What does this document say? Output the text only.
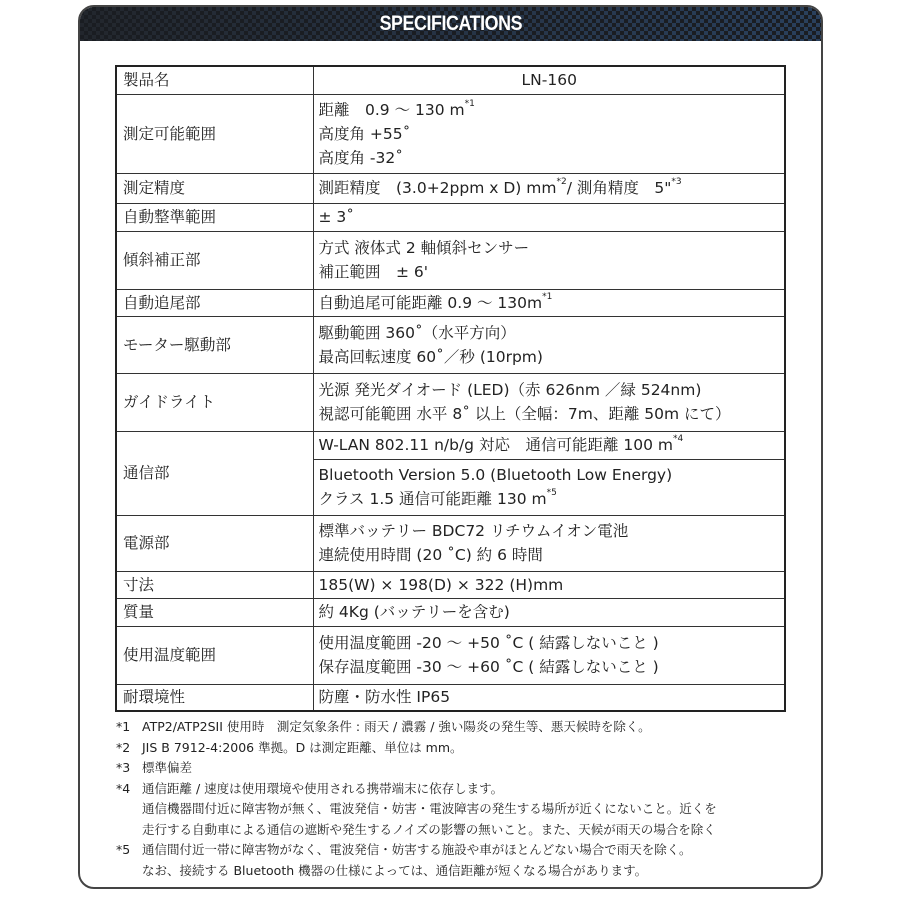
SPECIFICATIONS
製品名	LN-160

測定可能範囲	距離　0.9 〜 130 $m^{*1}$
高度角 +55˚
高度角 -32˚

測定精度	測距精度　(3.0+2ppm x D) $mm^{*2}/$ 測角精度　5"$^{*3}$

自動整準範囲	± 3˚

傾斜補正部	方式 液体式 2 軸傾斜センサー
補正範囲　± 6'

自動追尾部	自動追尾可能距離 0.9 〜 $130m^{*1}$

モーター駆動部	駆動範囲 360˚（水平方向）
最高回転速度 60˚／秒 (10rpm)

ガイドライト	光源 発光ダイオード (LED)（赤 626nm ／緑 524nm)
視認可能範囲 水平 8˚ 以上（全幅：7m、距離 50m にて）

通信部	W-LAN 802.11 n/b/g 対応　通信可能距離 100 $m^{*4}$

	Bluetooth Version 5.0 (Bluetooth Low Energy)
クラス 1.5 通信可能距離 130 $m^{*5}$

電源部	標準バッテリー BDC72 リチウムイオン電池
連続使用時間 (20 ˚C) 約 6 時間

寸法	185(W) × 198(D) × 322 (H)mm

質量	約 4Kg (バッテリーを含む)

使用温度範囲	使用温度範囲 -20 〜 +50 ˚C ( 結露しないこと )
保存温度範囲 -30 〜 +60 ˚C ( 結露しないこと )

耐環境性	防塵・防水性 IP65
*1 ATP2/ATP2SII 使用時　測定気象条件 : 雨天 / 濃霧 / 強い陽炎の発生等、悪天候時を除く。
*2 JIS B 7912-4:2006 準拠。D は測定距離、単位は mm。
*3 標準偏差
*4 通信距離 / 速度は使用環境や使用される携帯端末に依存します。
通信機器間付近に障害物が無く、電波発信・妨害・電波障害の発生する場所が近くにないこと。近くを
走行する自動車による通信の遮断や発生するノイズの影響の無いこと。また、天候が雨天の場合を除く
*5 通信間付近一帯に障害物がなく、電波発信・妨害する施設や車がほとんどない場合で雨天を除く。
なお、接続する Bluetooth 機器の仕様によっては、通信距離が短くなる場合があります。
